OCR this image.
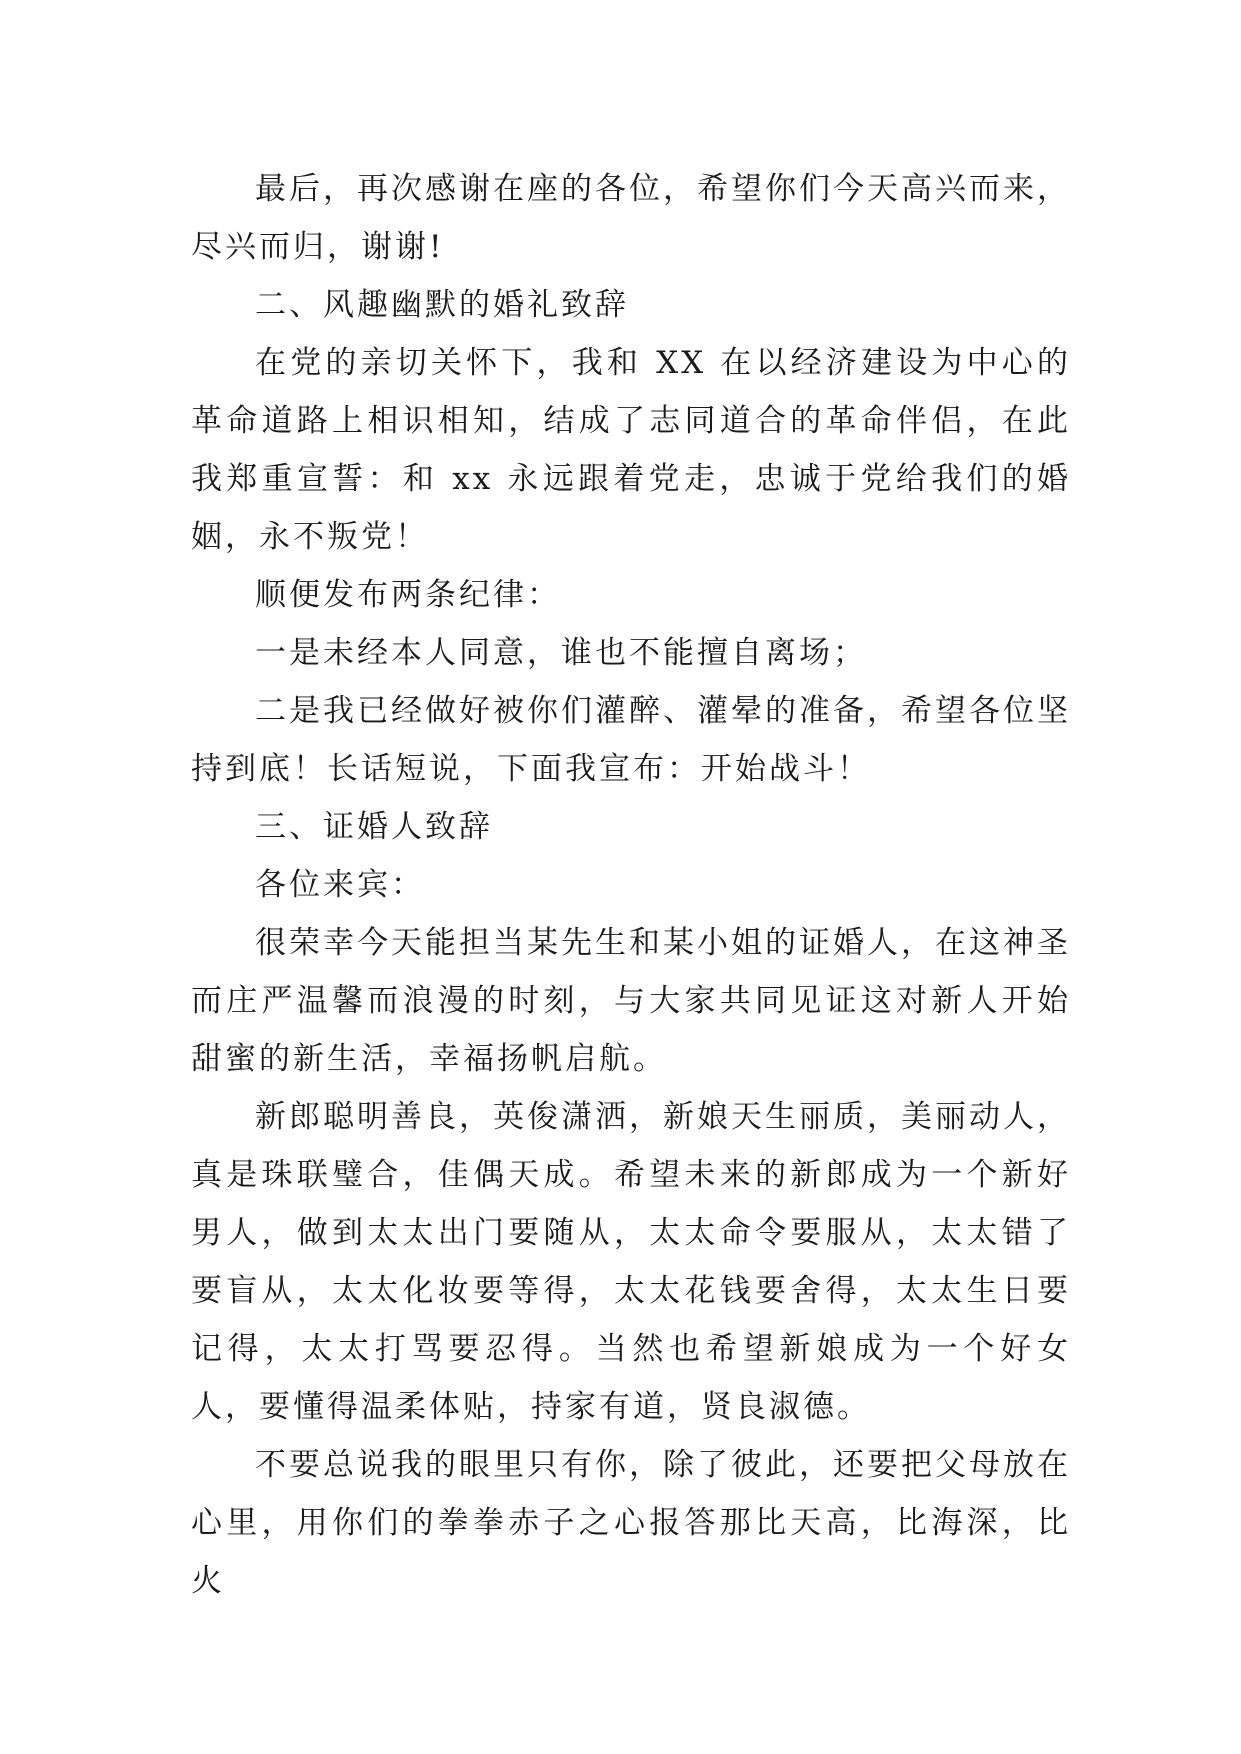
最后，再次感谢在座的各位，希望你们今天高兴而来，尽兴而归，谢谢!

二、风趣幽默的婚礼致辞

在党的亲切关怀下，我和 XX 在以经济建设为中心的革命道路上相识相知，结成了志同道合的革命伴侣，在此我郑重宣誓：和 xx 永远跟着党走，忠诚于党给我们的婚姻，永不叛党！

顺便发布两条纪律：

一是未经本人同意，谁也不能擅自离场；

二是我已经做好被你们灌醉、灌晕的准备，希望各位坚持到底！长话短说，下面我宣布：开始战斗！

三、证婚人致辞

各位来宾：

很荣幸今天能担当某先生和某小姐的证婚人，在这神圣而庄严温馨而浪漫的时刻，与大家共同见证这对新人开始甜蜜的新生活，幸福扬帆启航。

新郎聪明善良，英俊潇洒，新娘天生丽质，美丽动人，真是珠联璧合，佳偶天成。希望未来的新郎成为一个新好男人，做到太太出门要随从，太太命令要服从，太太错了要盲从，太太化妆要等得，太太花钱要舍得，太太生日要记得，太太打骂要忍得。当然也希望新娘成为一个好女人，要懂得温柔体贴，持家有道，贤良淑德。

不要总说我的眼里只有你，除了彼此，还要把父母放在心里，用你们的拳拳赤子之心报答那比天高，比海深，比火
